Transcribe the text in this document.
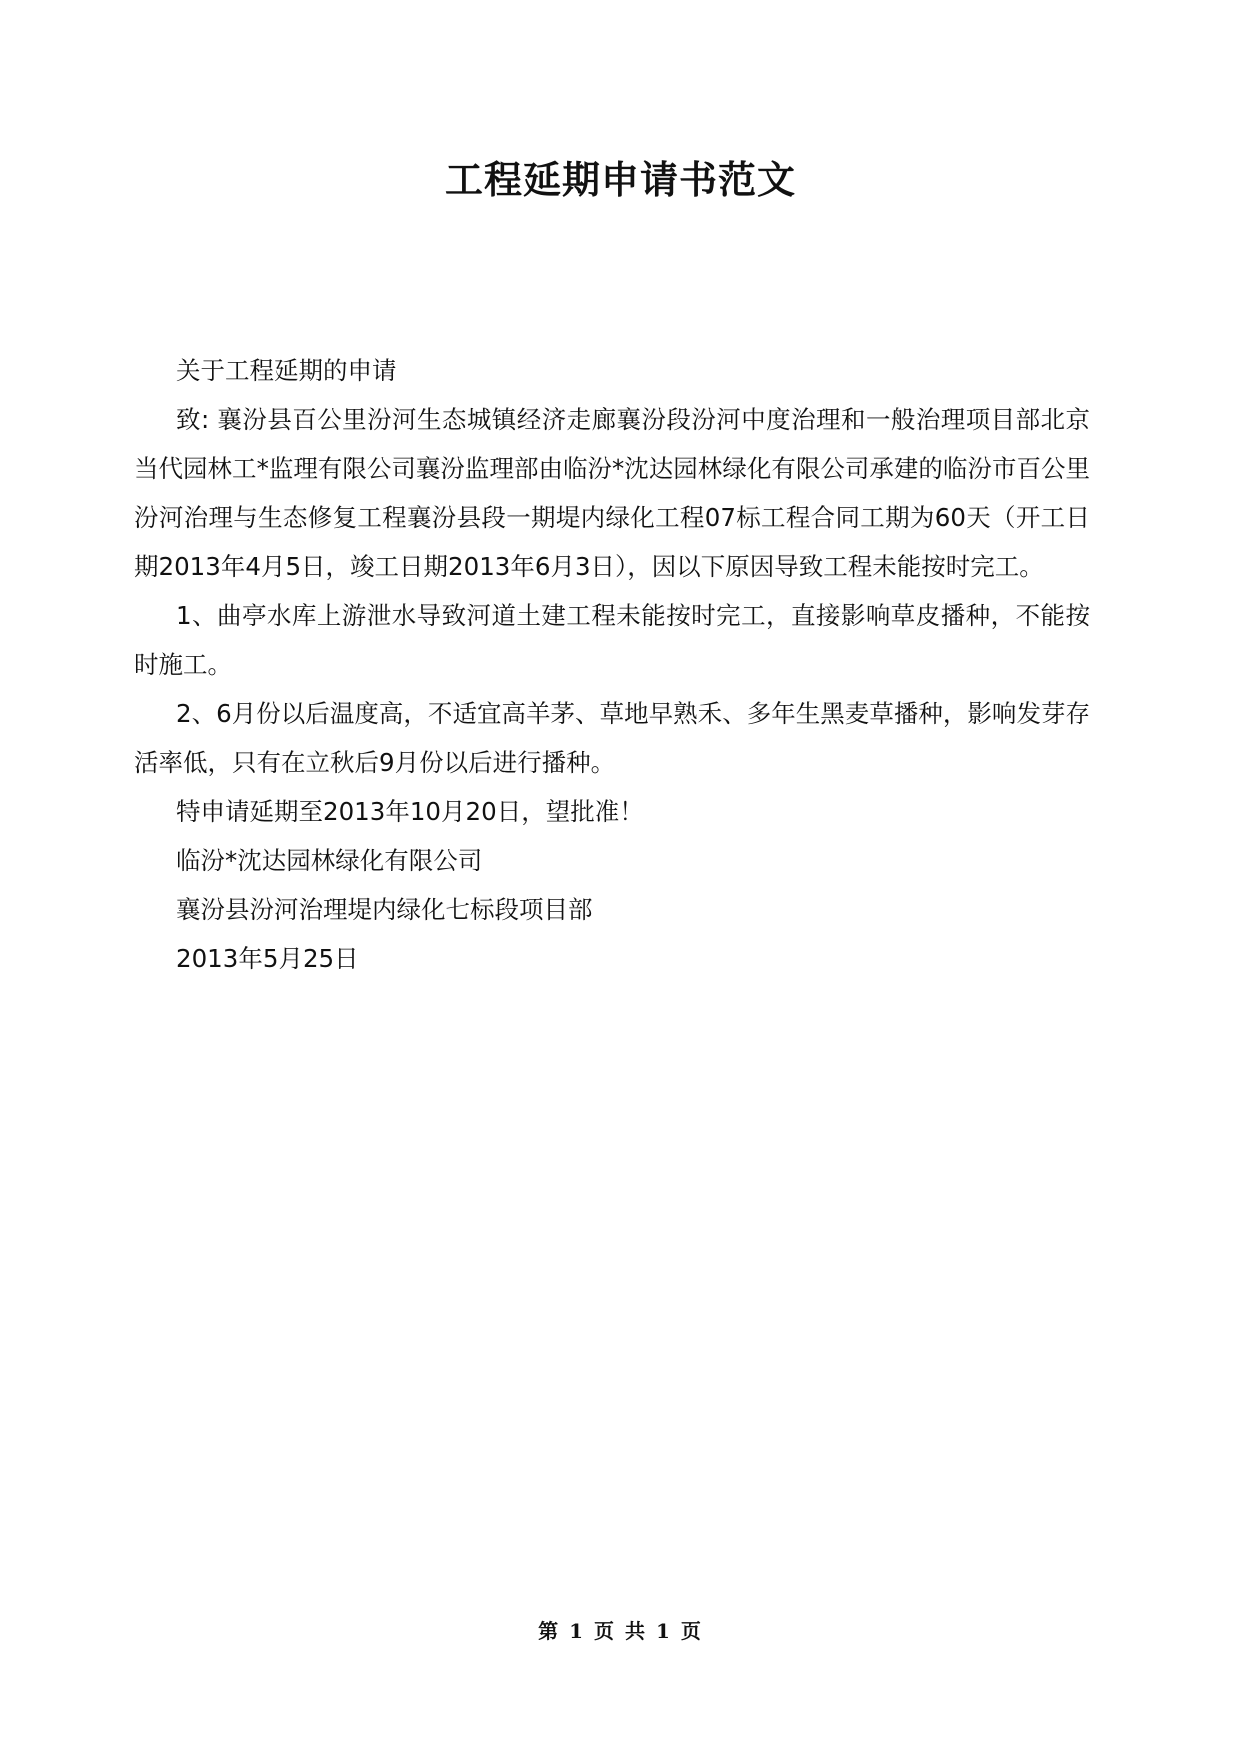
工程延期申请书范文

关于工程延期的申请

致: 襄汾县百公里汾河生态城镇经济走廊襄汾段汾河中度治理和一般治理项目部北京当代园林工*监理有限公司襄汾监理部由临汾*沈达园林绿化有限公司承建的临汾市百公里汾河治理与生态修复工程襄汾县段一期堤内绿化工程07标工程合同工期为60天（开工日期2013年4月5日，竣工日期2013年6月3日），因以下原因导致工程未能按时完工。

1、曲亭水库上游泄水导致河道土建工程未能按时完工，直接影响草皮播种，不能按时施工。

2、6月份以后温度高，不适宜高羊茅、草地早熟禾、多年生黑麦草播种，影响发芽存活率低，只有在立秋后9月份以后进行播种。

特申请延期至2013年10月20日，望批准！

临汾*沈达园林绿化有限公司

襄汾县汾河治理堤内绿化七标段项目部

2013年5月25日

第 1 页 共 1 页
